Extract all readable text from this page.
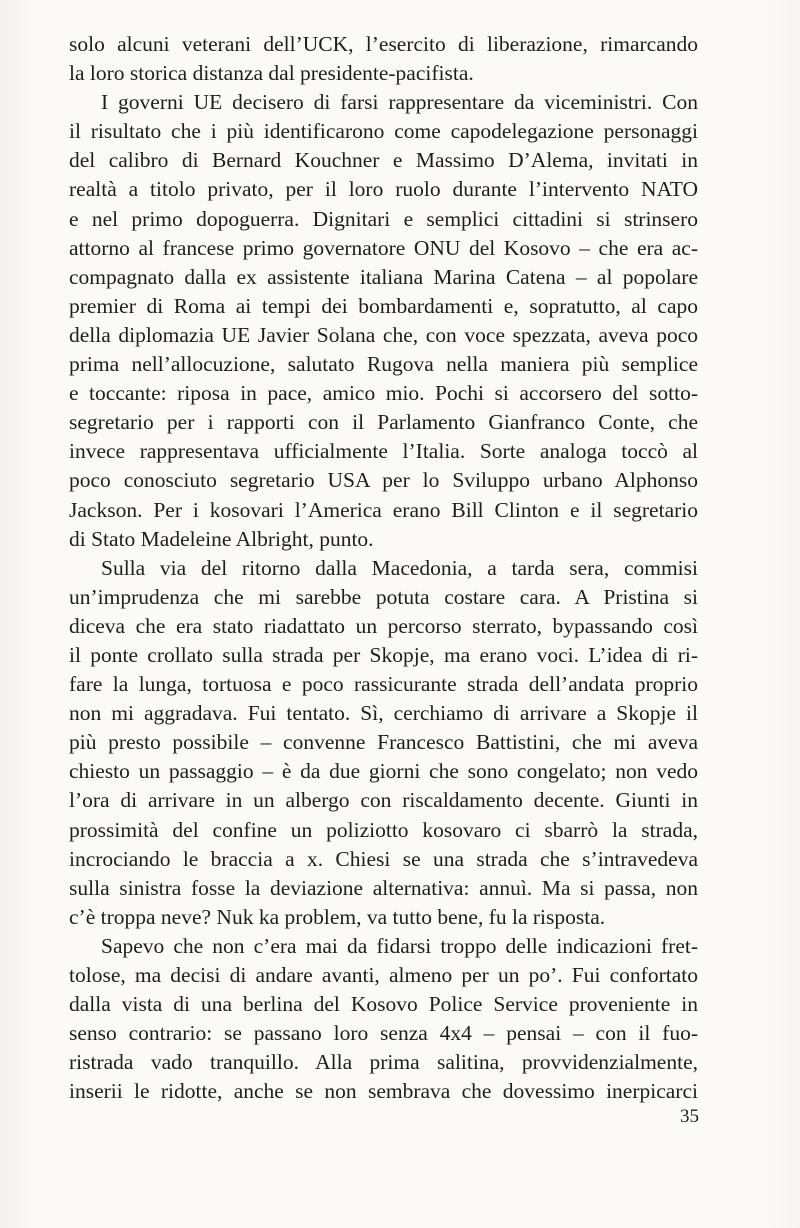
solo alcuni veterani dell’UCK, l’esercito di liberazione, rimarcando
la loro storica distanza dal presidente-pacifista.
I governi UE decisero di farsi rappresentare da viceministri. Con
il risultato che i più identificarono come capodelegazione personaggi
del calibro di Bernard Kouchner e Massimo D’Alema, invitati in
realtà a titolo privato, per il loro ruolo durante l’intervento NATO
e nel primo dopoguerra. Dignitari e semplici cittadini si strinsero
attorno al francese primo governatore ONU del Kosovo – che era ac-
compagnato dalla ex assistente italiana Marina Catena – al popolare
premier di Roma ai tempi dei bombardamenti e, sopratutto, al capo
della diplomazia UE Javier Solana che, con voce spezzata, aveva poco
prima nell’allocuzione, salutato Rugova nella maniera più semplice
e toccante: riposa in pace, amico mio. Pochi si accorsero del sotto-
segretario per i rapporti con il Parlamento Gianfranco Conte, che
invece rappresentava ufficialmente l’Italia. Sorte analoga toccò al
poco conosciuto segretario USA per lo Sviluppo urbano Alphonso
Jackson. Per i kosovari l’America erano Bill Clinton e il segretario
di Stato Madeleine Albright, punto.
Sulla via del ritorno dalla Macedonia, a tarda sera, commisi
un’imprudenza che mi sarebbe potuta costare cara. A Pristina si
diceva che era stato riadattato un percorso sterrato, bypassando così
il ponte crollato sulla strada per Skopje, ma erano voci. L’idea di ri-
fare la lunga, tortuosa e poco rassicurante strada dell’andata proprio
non mi aggradava. Fui tentato. Sì, cerchiamo di arrivare a Skopje il
più presto possibile – convenne Francesco Battistini, che mi aveva
chiesto un passaggio – è da due giorni che sono congelato; non vedo
l’ora di arrivare in un albergo con riscaldamento decente. Giunti in
prossimità del confine un poliziotto kosovaro ci sbarrò la strada,
incrociando le braccia a x. Chiesi se una strada che s’intravedeva
sulla sinistra fosse la deviazione alternativa: annuì. Ma si passa, non
c’è troppa neve? Nuk ka problem, va tutto bene, fu la risposta.
Sapevo che non c’era mai da fidarsi troppo delle indicazioni fret-
tolose, ma decisi di andare avanti, almeno per un po’. Fui confortato
dalla vista di una berlina del Kosovo Police Service proveniente in
senso contrario: se passano loro senza 4x4 – pensai – con il fuo-
ristrada vado tranquillo. Alla prima salitina, provvidenzialmente,
inserii le ridotte, anche se non sembrava che dovessimo inerpicarci
35
